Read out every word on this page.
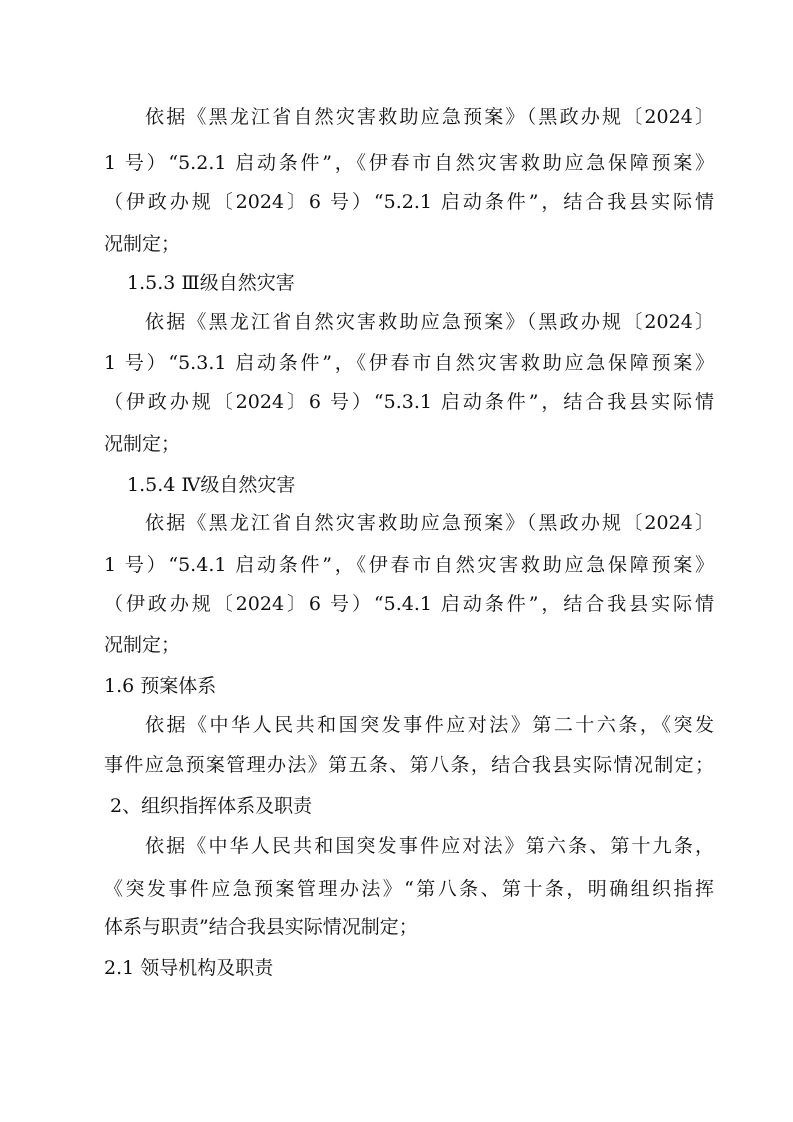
依据《黑龙江省自然灾害救助应急预案》（黑政办规〔2024〕
1 号）“5.2.1 启动条件”，《伊春市自然灾害救助应急保障预案》
（伊政办规〔2024〕6 号）“5.2.1 启动条件”，结合我县实际情
况制定；
1.5.3 Ⅲ级自然灾害
依据《黑龙江省自然灾害救助应急预案》（黑政办规〔2024〕
1 号）“5.3.1 启动条件”，《伊春市自然灾害救助应急保障预案》
（伊政办规〔2024〕6 号）“5.3.1 启动条件”，结合我县实际情
况制定；
1.5.4 Ⅳ级自然灾害
依据《黑龙江省自然灾害救助应急预案》（黑政办规〔2024〕
1 号）“5.4.1 启动条件”，《伊春市自然灾害救助应急保障预案》
（伊政办规〔2024〕6 号）“5.4.1 启动条件”，结合我县实际情
况制定；
1.6 预案体系
依据《中华人民共和国突发事件应对法》第二十六条，《突发
事件应急预案管理办法》第五条、第八条，结合我县实际情况制定；
2、组织指挥体系及职责
依据《中华人民共和国突发事件应对法》第六条、第十九条，
《突发事件应急预案管理办法》“第八条、第十条，明确组织指挥
体系与职责”结合我县实际情况制定；
2.1 领导机构及职责
